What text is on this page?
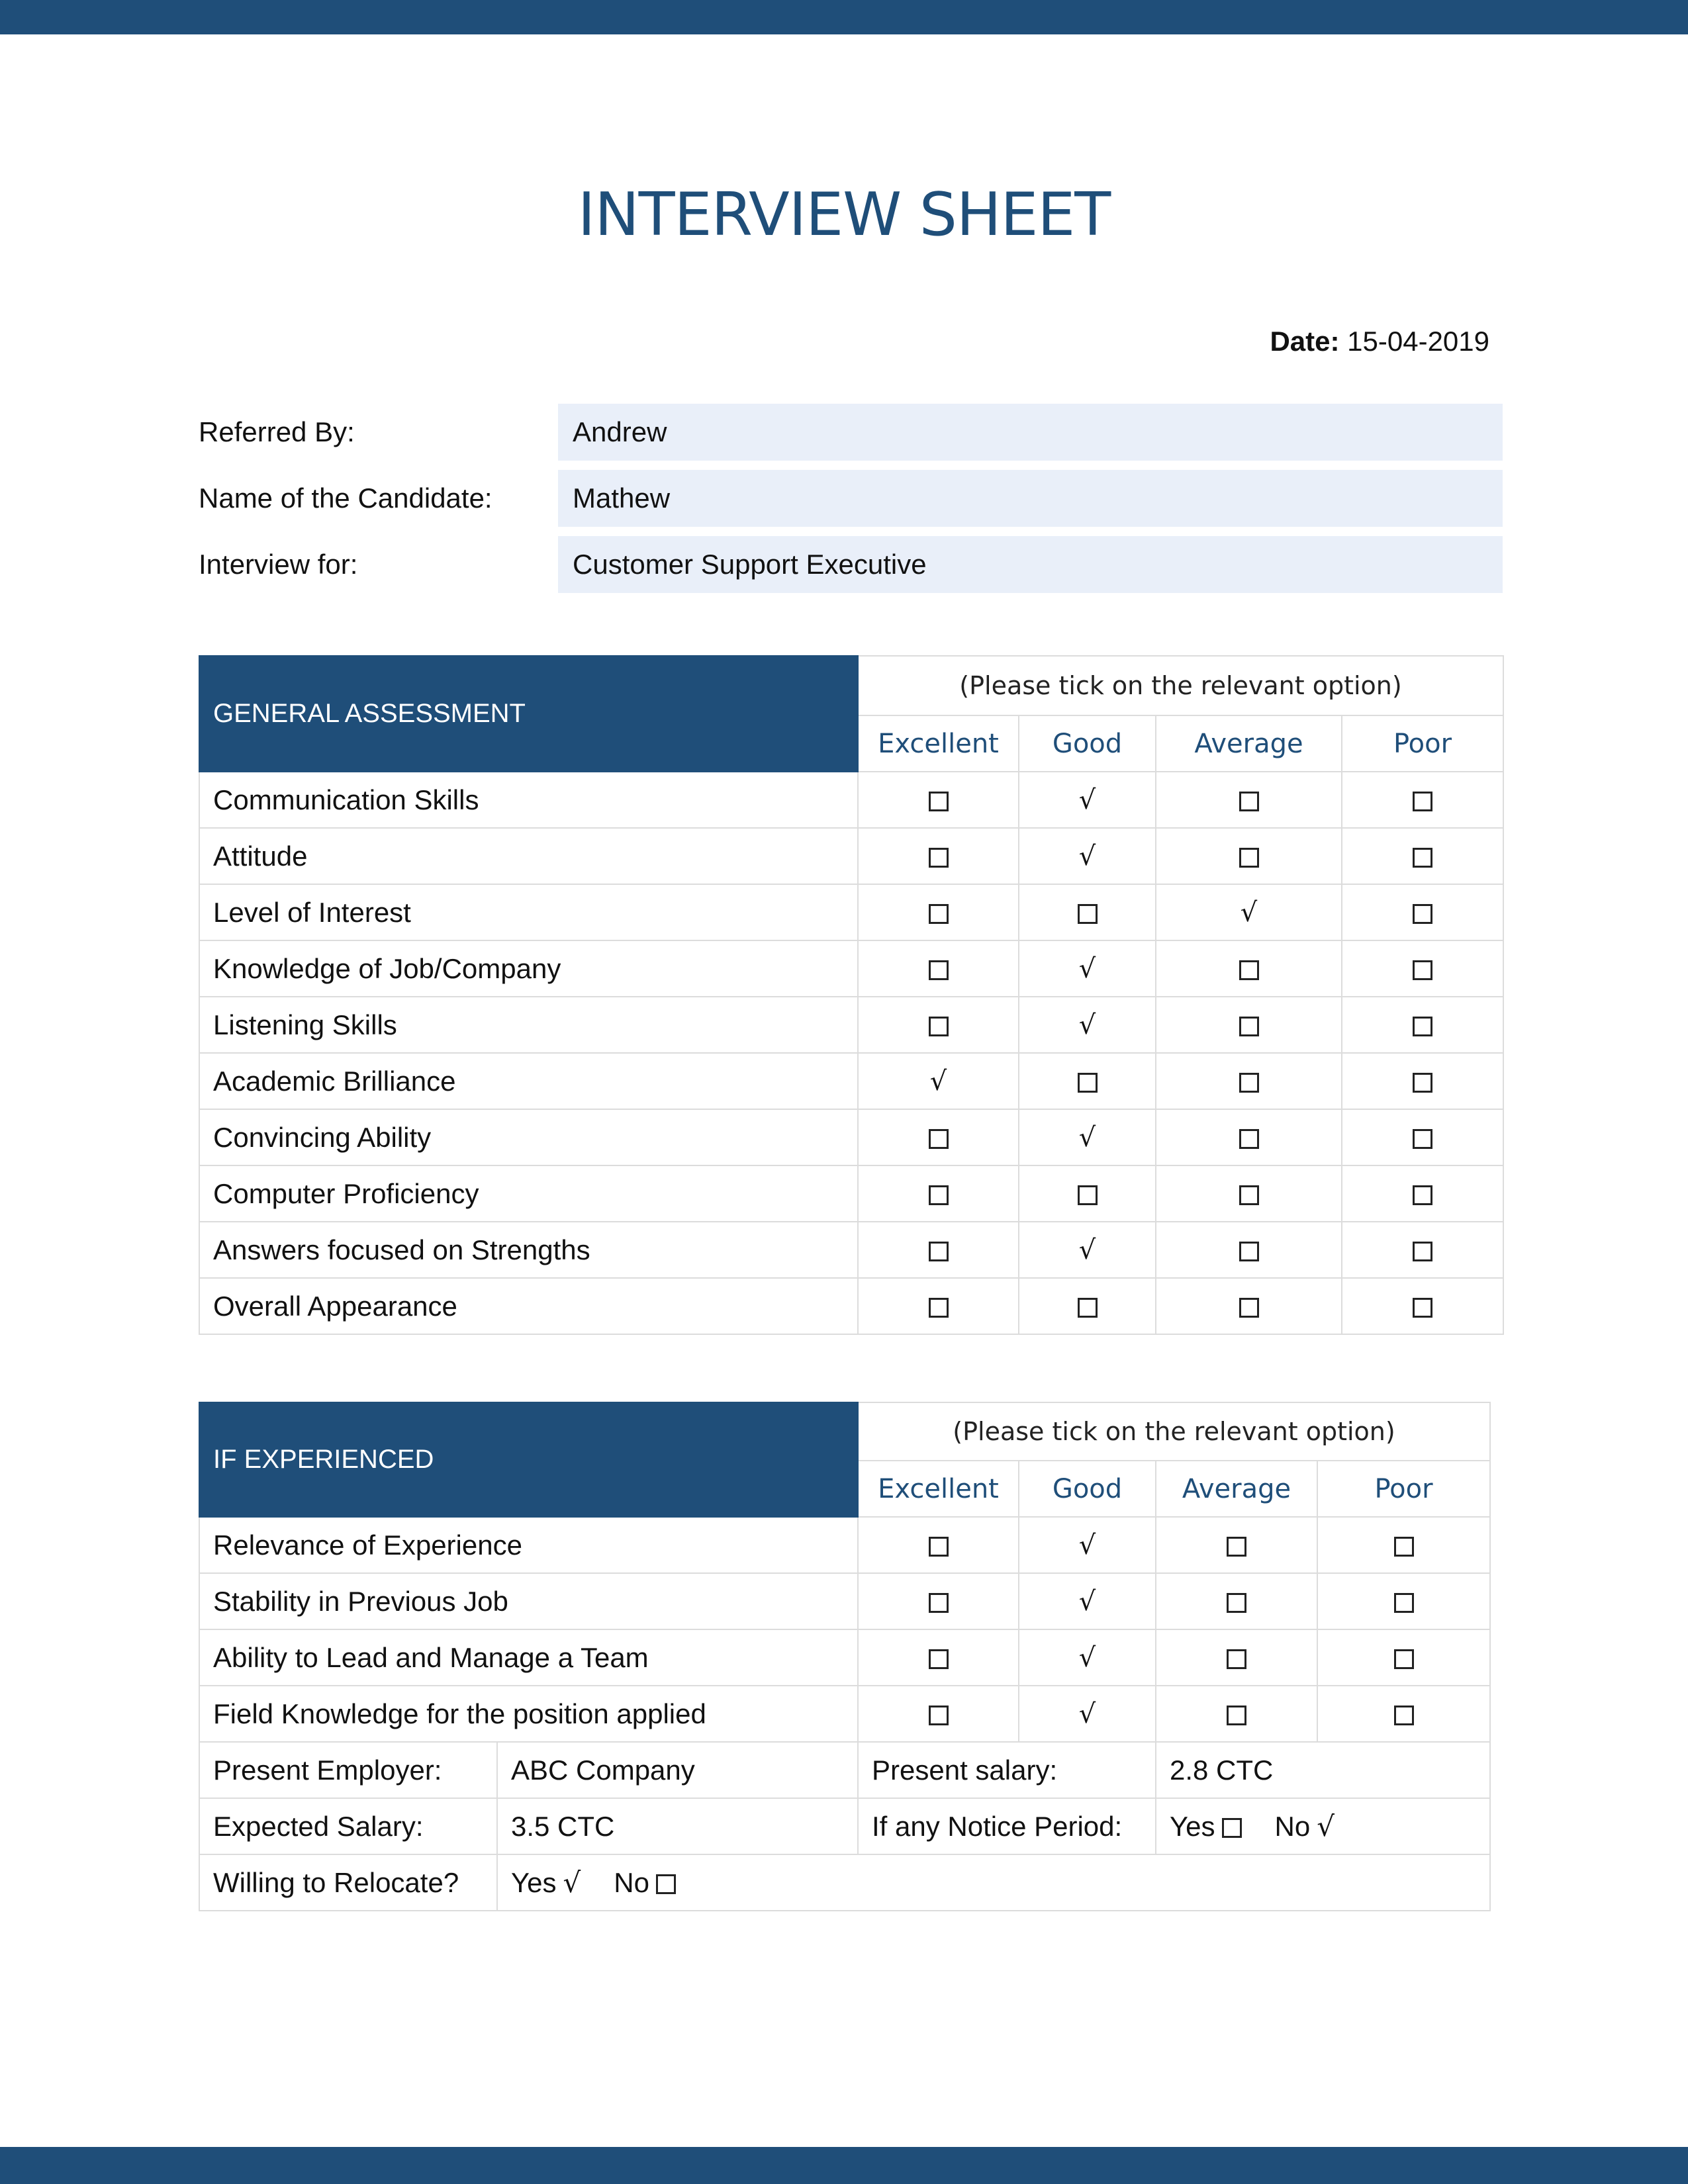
INTERVIEW SHEET
Date: 15-04-2019
Referred By:	Andrew
Name of the Candidate:	Mathew
Interview for:	Customer Support Executive
GENERAL ASSESSMENT	(Please tick on the relevant option)			
	Excellent	Good	Average	Poor
Communication Skills		√		
Attitude		√		
Level of Interest			√	
Knowledge of Job/Company		√		
Listening Skills		√		
Academic Brilliance	√			
Convincing Ability		√		
Computer Proficiency				
Answers focused on Strengths		√		
Overall Appearance				
IF EXPERIENCED		(Please tick on the relevant option)			
		Excellent	Good	Average	Poor
Relevance of Experience			√		
Stability in Previous Job			√		
Ability to Lead and Manage a Team			√		
Field Knowledge for the position applied			√		
Present Employer:	ABC Company	Present salary:		2.8 CTC	
Expected Salary:	3.5 CTC	If any Notice Period:		Yes No √	
Willing to Relocate?	Yes √ No				
